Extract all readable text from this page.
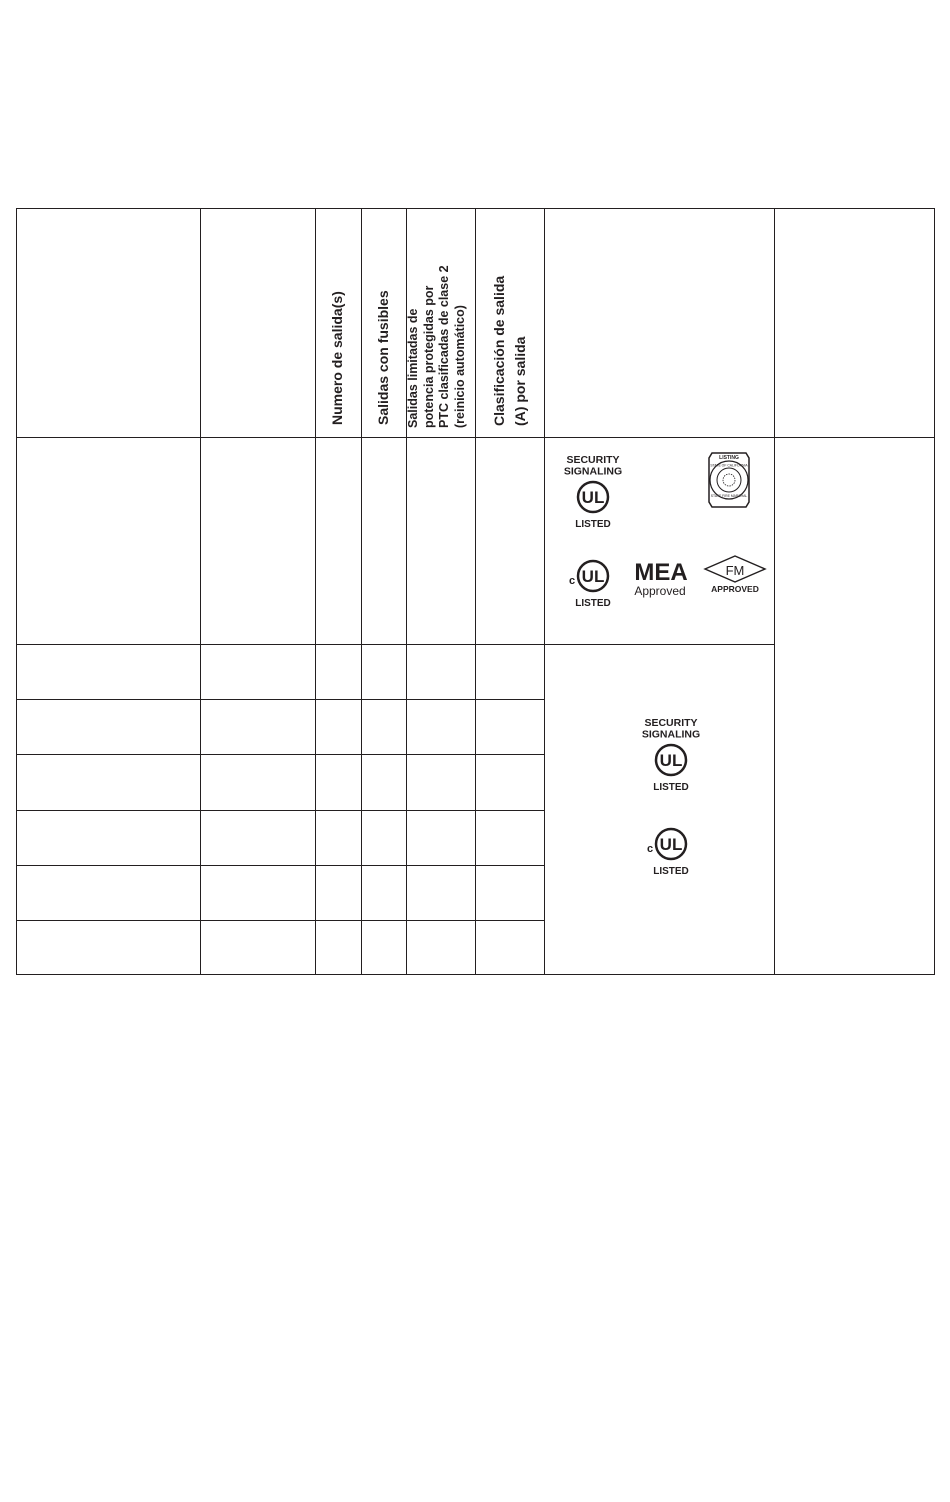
SECURITY
SIGNALING
UL
LISTED
LISTING
STATE OF CALIFORNIA
STATE FIRE MARSHAL
c UL
LISTED
MEA
Approved
FM
APPROVED
SECURITY
SIGNALING
UL
LISTED
c UL
LISTED
Numero de salida(s) Salidas con fusibles Salidas limitadas de potencia protegidas por PTC clasificadas de clase 2 (reinicio automático) Clasificación de salida (A) por salida
